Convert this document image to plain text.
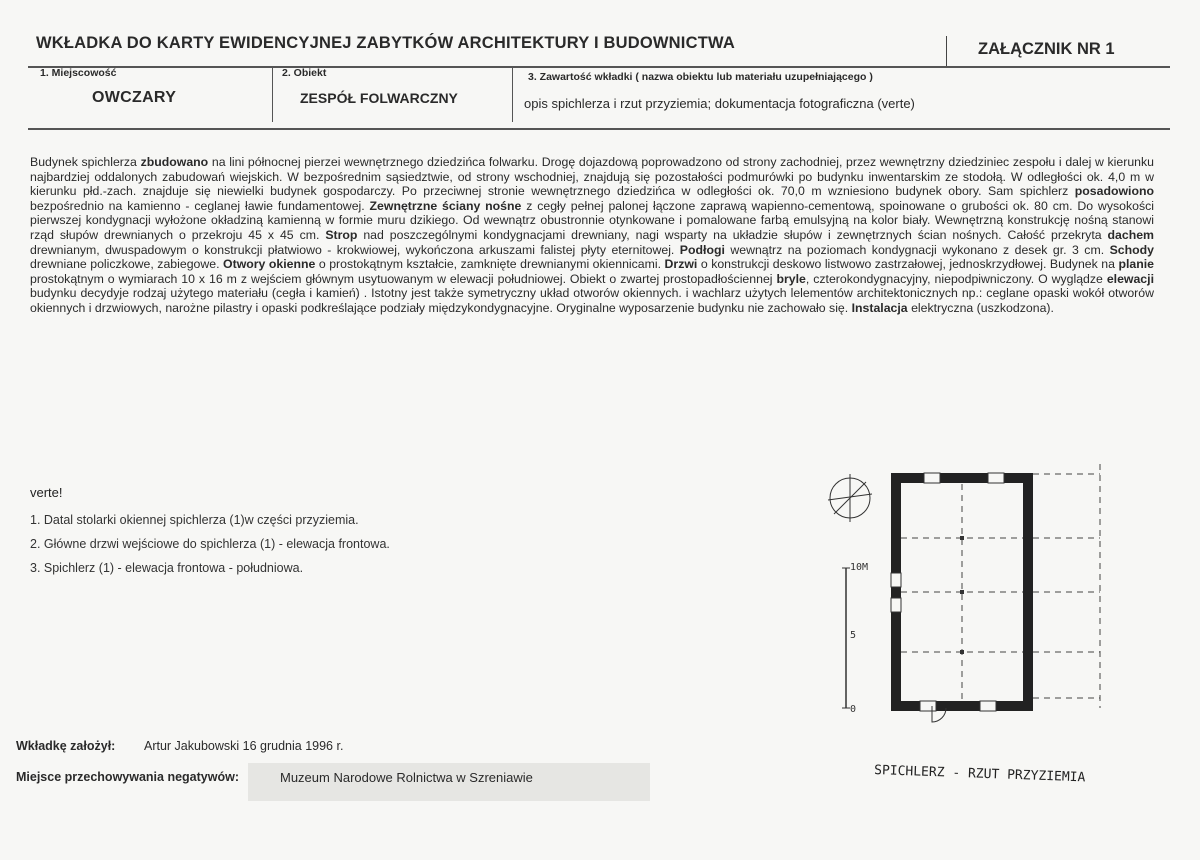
WKŁADKA DO KARTY EWIDENCYJNEJ ZABYTKÓW ARCHITEKTURY I BUDOWNICTWA	ZAŁĄCZNIK NR 1
1. Miejscowość
OWCZARY
2. Obiekt
ZESPÓŁ FOLWARCZNY
3. Zawartość wkładki ( nazwa obiektu lub materiału uzupełniającego )
opis spichlerza i rzut przyziemia; dokumentacja fotograficzna (verte)
Budynek spichlerza zbudowano na lini północnej pierzei wewnętrznego dziedzińca folwarku. Drogę dojazdową poprowadzono od strony zachodniej, przez wewnętrzny dziedziniec zespołu i dalej w kierunku najbardziej oddalonych zabudowań wiejskich. W bezpośrednim sąsiedztwie, od strony wschodniej, znajdują się pozostałości podmurówki po budynku inwentarskim ze stodołą. W odległości ok. 4,0 m w kierunku płd.-zach. znajduje się niewielki budynek gospodarczy. Po przeciwnej stronie wewnętrznego dziedzińca w odległości ok. 70,0 m wzniesiono budynek obory. Sam spichlerz posadowiono bezpośrednio na kamienno - ceglanej ławie fundamentowej. Zewnętrzne ściany nośne z cegły pełnej palonej łączone zaprawą wapienno-cementową, spoinowane o grubości ok. 80 cm. Do wysokości pierwszej kondygnacji wyłożone okładziną kamienną w formie muru dzikiego. Od wewnątrz obustronnie otynkowane i pomalowane farbą emulsyjną na kolor biały. Wewnętrzną konstrukcję nośną stanowi rząd słupów drewnianych o przekroju 45 x 45 cm. Strop nad poszczególnymi kondygnacjami drewniany, nagi wsparty na układzie słupów i zewnętrznych ścian nośnych. Całość przekryta dachem drewnianym, dwuspadowym o konstrukcji płatwiowo - krokwiowej, wykończona arkuszami falistej płyty eternitowej. Podłogi wewnątrz na poziomach kondygnacji wykonano z desek gr. 3 cm. Schody drewniane policzkowe, zabiegowe. Otwory okienne o prostokątnym kształcie, zamknięte drewnianymi okiennicami. Drzwi o konstrukcji deskowo listwowo zastrzałowej, jednoskrzydłowej. Budynek na planie prostokątnym o wymiarach 10 x 16 m z wejściem głównym usytuowanym w elewacji południowej. Obiekt o zwartej prostopadłościennej bryle, czterokondygnacyjny, niepodpiwniczony. O wyglądze elewacji budynku decydyje rodzaj użytego materiału (cegła i kamień) . Istotny jest także symetryczny układ otworów okiennych. i wachlarz użytych lelementów architektonicznych np.: ceglane opaski wokół otworów okiennych i drzwiowych, narożne pilastry i opaski podkreślające podziały międzykondygnacyjne. Oryginalne wyposarzenie budynku nie zachowało się. Instalacja elektryczna (uszkodzona).
verte!
1. Datal stolarki okiennej spichlerza (1)w części przyziemia.
2. Główne drzwi wejściowe do spichlerza (1) - elewacja frontowa.
3. Spichlerz (1) - elewacja frontowa - południowa.	10M
5
0
SPICHLERZ - RZUT PRZYZIEMIA
Wkładkę założył: Artur Jakubowski 16 grudnia 1996 r.
Miejsce przechowywania negatywów:	Muzeum Narodowe Rolnictwa w Szreniawie
